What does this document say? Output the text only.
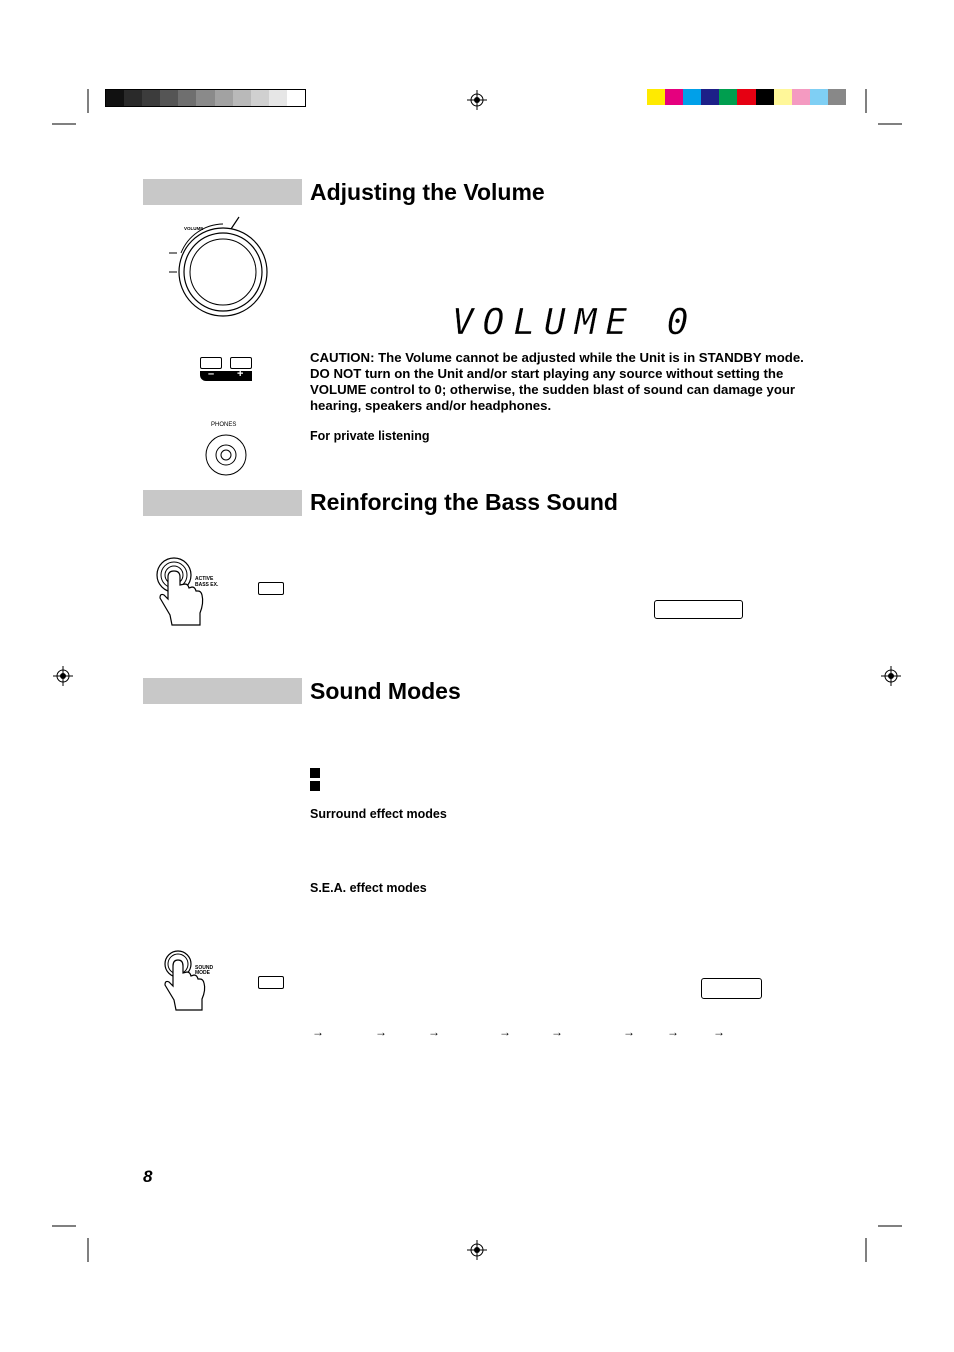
Adjusting the Volume
VOLUME
VOLUME 0
– +
CAUTION: The Volume cannot be adjusted while the Unit is in STANDBY mode. DO NOT turn on the Unit and/or start playing any source without setting the VOLUME control to 0; otherwise, the sudden blast of sound can damage your hearing, speakers and/or headphones.
For private listening
PHONES
Reinforcing the Bass Sound
ACTIVE
BASS EX.
Sound Modes
Surround effect modes
S.E.A. effect modes
SOUND
MODE
→	→	→	→	→	→	→	→
8
